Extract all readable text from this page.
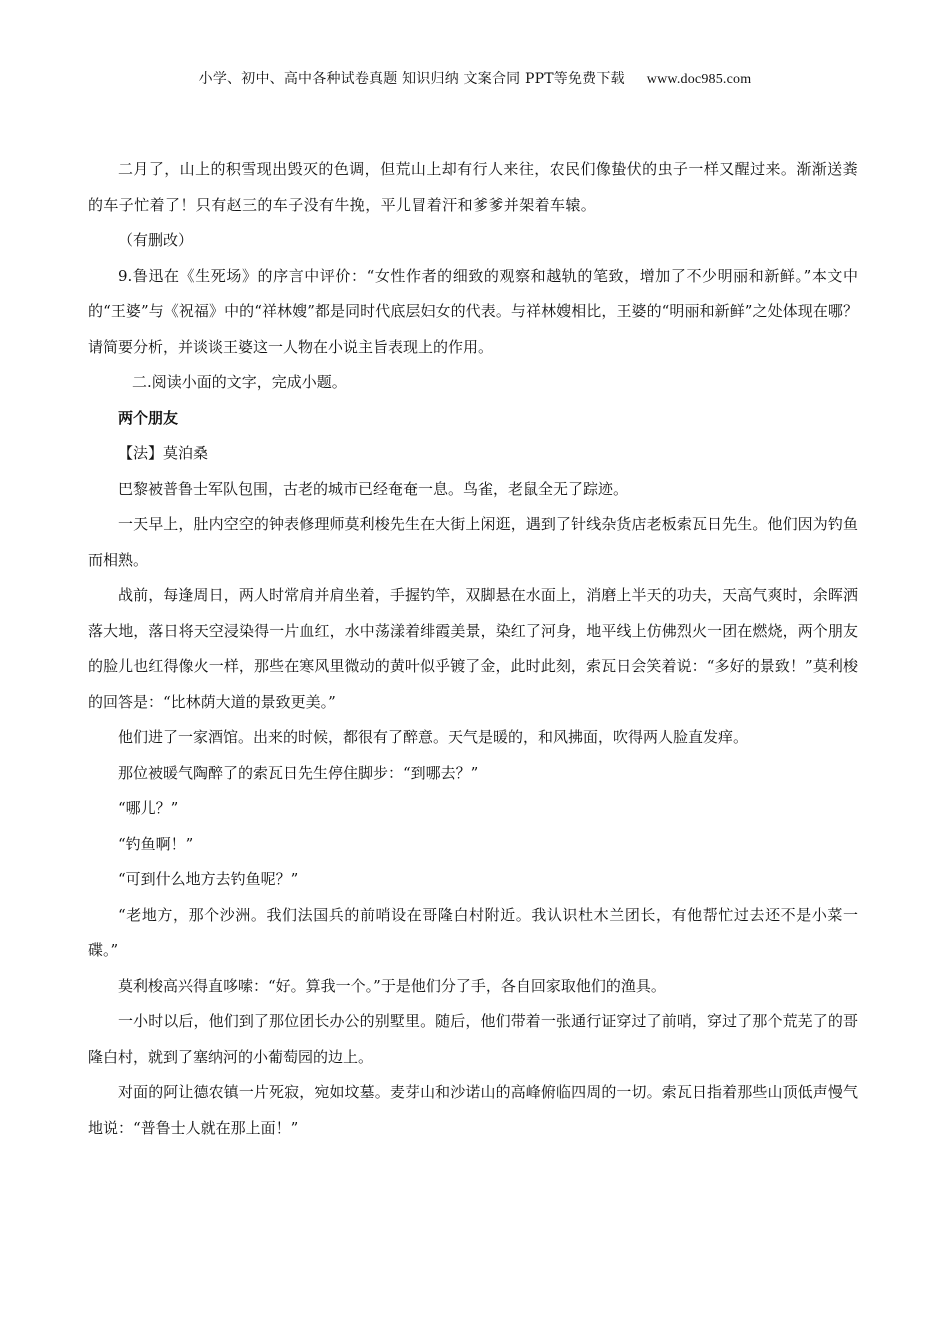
小学、初中、高中各种试卷真题 知识归纳 文案合同 PPT等免费下载 www.doc985.com

二月了，山上的积雪现出毁灭的色调，但荒山上却有行人来往，农民们像蛰伏的虫子一样又醒过来。渐渐送粪的车子忙着了！只有赵三的车子没有牛挽，平儿冒着汗和爹爹并架着车辕。

（有删改）

9.鲁迅在《生死场》的序言中评价：“女性作者的细致的观察和越轨的笔致，增加了不少明丽和新鲜。”本文中的“王婆”与《祝福》中的“祥林嫂”都是同时代底层妇女的代表。与祥林嫂相比，王婆的“明丽和新鲜”之处体现在哪？请简要分析，并谈谈王婆这一人物在小说主旨表现上的作用。

二.阅读小面的文字，完成小题。

两个朋友

【法】莫泊桑

巴黎被普鲁士军队包围，古老的城市已经奄奄一息。鸟雀，老鼠全无了踪迹。

一天早上，肚内空空的钟表修理师莫利梭先生在大街上闲逛，遇到了针线杂货店老板索瓦日先生。他们因为钓鱼而相熟。

战前，每逢周日，两人时常肩并肩坐着，手握钓竿，双脚悬在水面上，消磨上半天的功夫，天高气爽时，余晖洒落大地，落日将天空浸染得一片血红，水中荡漾着绯霞美景，染红了河身，地平线上仿佛烈火一团在燃烧，两个朋友的脸儿也红得像火一样，那些在寒风里微动的黄叶似乎镀了金，此时此刻，索瓦日会笑着说：“多好的景致！”莫利梭的回答是：“比林荫大道的景致更美。”

他们进了一家酒馆。出来的时候，都很有了醉意。天气是暖的，和风拂面，吹得两人脸直发痒。

那位被暖气陶醉了的索瓦日先生停住脚步：“到哪去？”

“哪儿？”

“钓鱼啊！”

“可到什么地方去钓鱼呢？”

“老地方，那个沙洲。我们法国兵的前哨设在哥隆白村附近。我认识杜木兰团长，有他帮忙过去还不是小菜一碟。”

莫利梭高兴得直哆嗦：“好。算我一个。”于是他们分了手，各自回家取他们的渔具。

一小时以后，他们到了那位团长办公的别墅里。随后，他们带着一张通行证穿过了前哨，穿过了那个荒芜了的哥隆白村，就到了塞纳河的小葡萄园的边上。

对面的阿让德农镇一片死寂，宛如坟墓。麦芽山和沙诺山的高峰俯临四周的一切。索瓦日指着那些山顶低声慢气地说：“普鲁士人就在那上面！”
